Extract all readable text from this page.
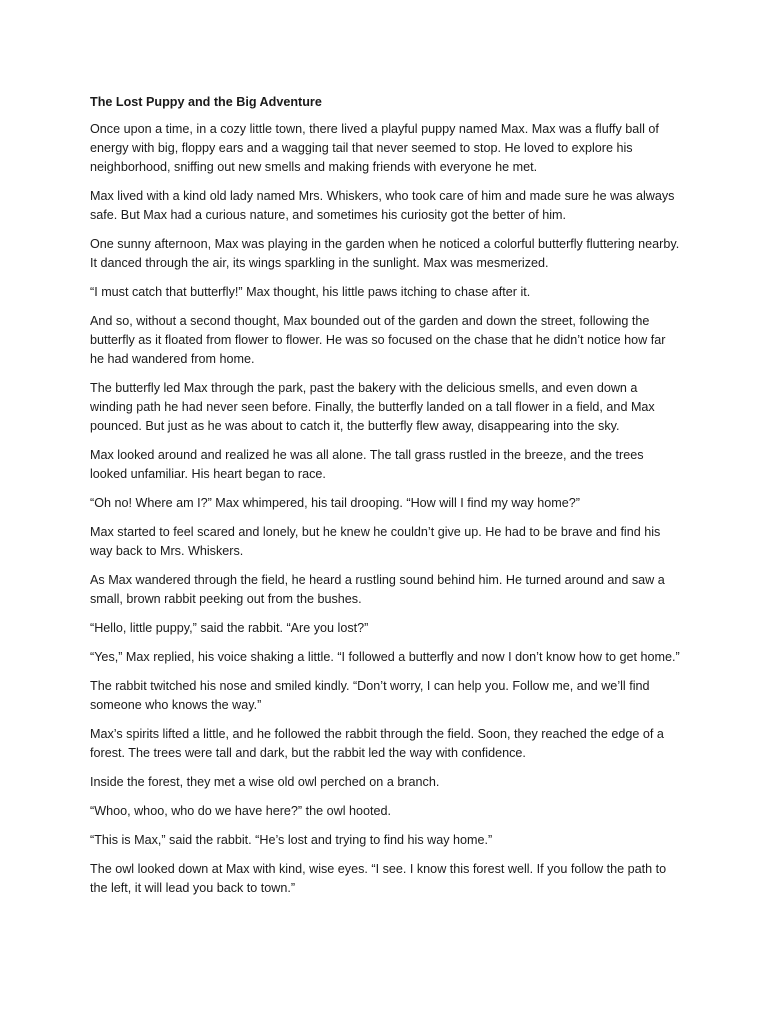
The Lost Puppy and the Big Adventure

Once upon a time, in a cozy little town, there lived a playful puppy named Max. Max was a fluffy ball of energy with big, floppy ears and a wagging tail that never seemed to stop. He loved to explore his neighborhood, sniffing out new smells and making friends with everyone he met.

Max lived with a kind old lady named Mrs. Whiskers, who took care of him and made sure he was always safe. But Max had a curious nature, and sometimes his curiosity got the better of him.

One sunny afternoon, Max was playing in the garden when he noticed a colorful butterfly fluttering nearby. It danced through the air, its wings sparkling in the sunlight. Max was mesmerized.

“I must catch that butterfly!” Max thought, his little paws itching to chase after it.

And so, without a second thought, Max bounded out of the garden and down the street, following the butterfly as it floated from flower to flower. He was so focused on the chase that he didn’t notice how far he had wandered from home.

The butterfly led Max through the park, past the bakery with the delicious smells, and even down a winding path he had never seen before. Finally, the butterfly landed on a tall flower in a field, and Max pounced. But just as he was about to catch it, the butterfly flew away, disappearing into the sky.

Max looked around and realized he was all alone. The tall grass rustled in the breeze, and the trees looked unfamiliar. His heart began to race.

“Oh no! Where am I?” Max whimpered, his tail drooping. “How will I find my way home?”

Max started to feel scared and lonely, but he knew he couldn’t give up. He had to be brave and find his way back to Mrs. Whiskers.

As Max wandered through the field, he heard a rustling sound behind him. He turned around and saw a small, brown rabbit peeking out from the bushes.

“Hello, little puppy,” said the rabbit. “Are you lost?”

“Yes,” Max replied, his voice shaking a little. “I followed a butterfly and now I don’t know how to get home.”

The rabbit twitched his nose and smiled kindly. “Don’t worry, I can help you. Follow me, and we’ll find someone who knows the way.”

Max’s spirits lifted a little, and he followed the rabbit through the field. Soon, they reached the edge of a forest. The trees were tall and dark, but the rabbit led the way with confidence.

Inside the forest, they met a wise old owl perched on a branch.

“Whoo, whoo, who do we have here?” the owl hooted.

“This is Max,” said the rabbit. “He’s lost and trying to find his way home.”

The owl looked down at Max with kind, wise eyes. “I see. I know this forest well. If you follow the path to the left, it will lead you back to town.”
